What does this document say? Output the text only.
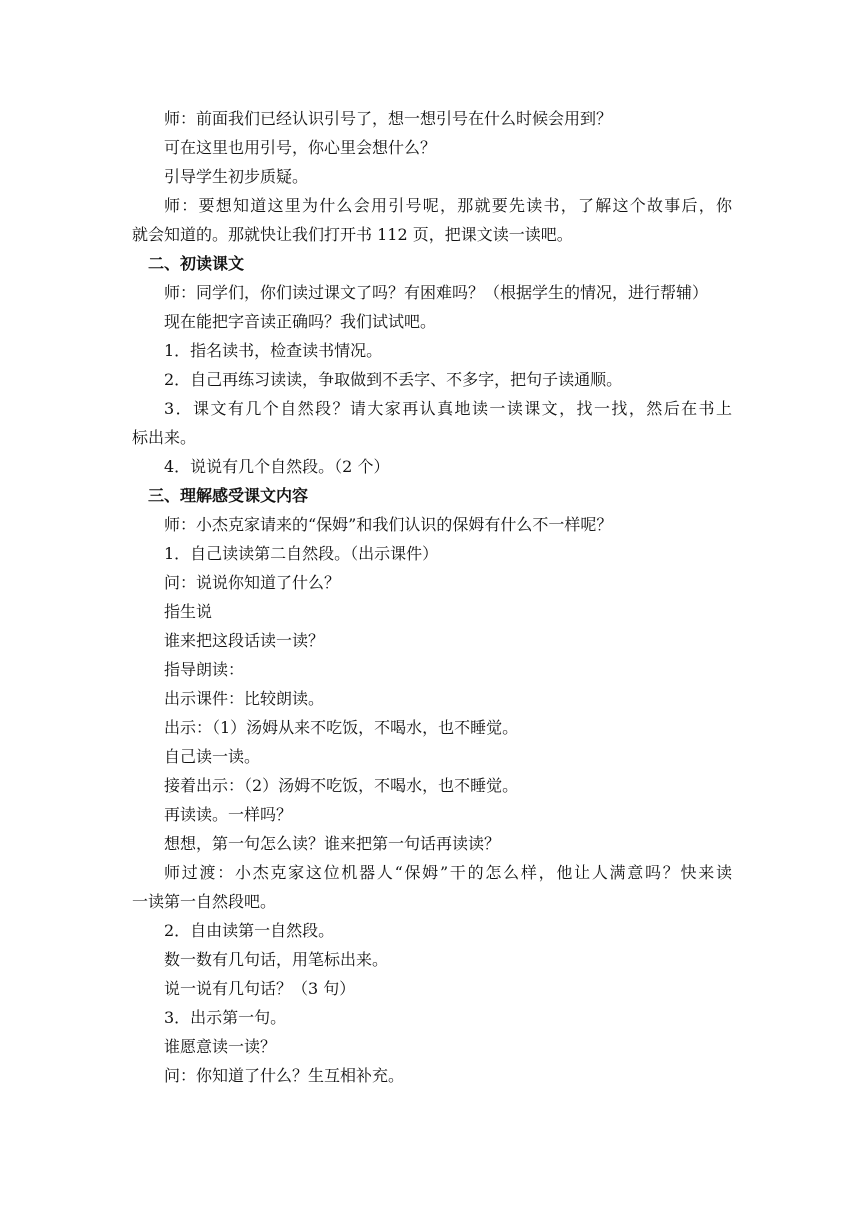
师：前面我们已经认识引号了，想一想引号在什么时候会用到？
可在这里也用引号，你心里会想什么？
引导学生初步质疑。
师：要想知道这里为什么会用引号呢，那就要先读书，了解这个故事后，你
就会知道的。那就快让我们打开书 112 页，把课文读一读吧。
二、初读课文
师：同学们，你们读过课文了吗？有困难吗？（根据学生的情况，进行帮辅）
现在能把字音读正确吗？我们试试吧。
1．指名读书，检查读书情况。
2．自己再练习读读，争取做到不丢字、不多字，把句子读通顺。
3．课文有几个自然段？请大家再认真地读一读课文，找一找，然后在书上
标出来。
4．说说有几个自然段。（2 个）
三、理解感受课文内容
师：小杰克家请来的“保姆”和我们认识的保姆有什么不一样呢？
1．自己读读第二自然段。（出示课件）
问：说说你知道了什么？
指生说
谁来把这段话读一读？
指导朗读：
出示课件：比较朗读。
出示：（1）汤姆从来不吃饭，不喝水，也不睡觉。
自己读一读。
接着出示：（2）汤姆不吃饭，不喝水，也不睡觉。
再读读。一样吗？
想想，第一句怎么读？谁来把第一句话再读读？
师过渡：小杰克家这位机器人“保姆”干的怎么样，他让人满意吗？快来读
一读第一自然段吧。
2．自由读第一自然段。
数一数有几句话，用笔标出来。
说一说有几句话？（3 句）
3．出示第一句。
谁愿意读一读？
问：你知道了什么？生互相补充。
